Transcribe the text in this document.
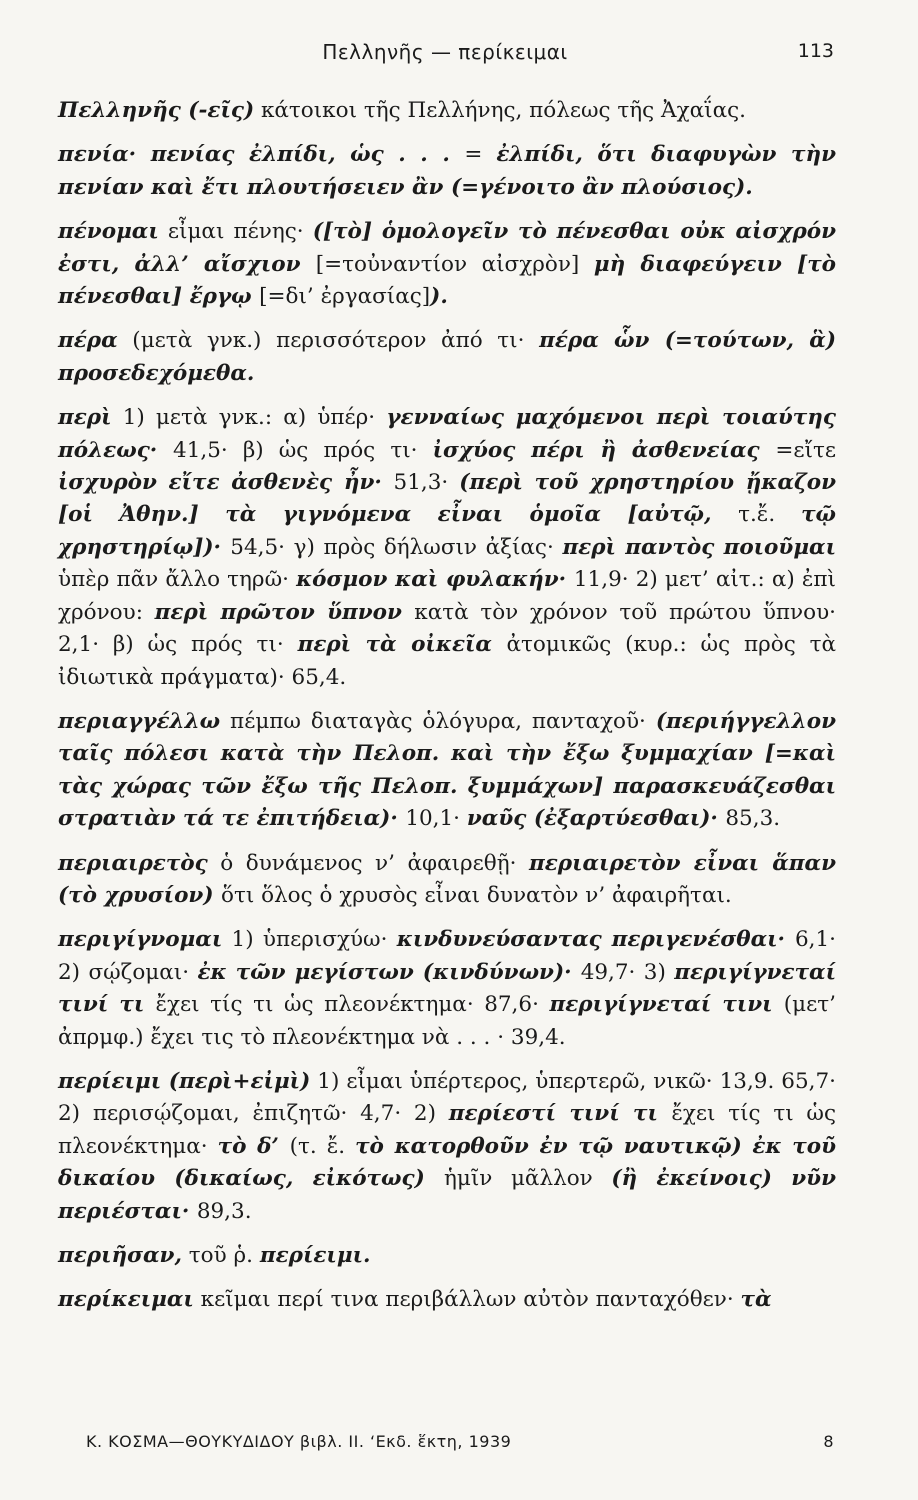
Πελληνῆς — περίκειμαι	113

Πελληνῆς (-εῖς) κάτοικοι τῆς Πελλήνης, πόλεως τῆς Ἀχαΐας.

πενία· πενίας ἐλπίδι, ὡς . . . = ἐλπίδι, ὅτι διαφυγὼν τὴν πενίαν καὶ ἔτι πλουτήσειεν ἂν (=γένοιτο ἂν πλούσιος).

πένομαι εἶμαι πένης· ([τὸ] ὁμολογεῖν τὸ πένεσθαι οὐκ αἰσχρόν ἐστι, ἀλλ’ αἴσχιον [=τοὐναντίον αἰσχρὸν] μὴ διαφεύγειν [τὸ πένεσθαι] ἔργῳ [=δι’ ἐργασίας]).

πέρα (μετὰ γνκ.) περισσότερον ἀπό τι· πέρα ὧν (=τούτων, ἃ) προσεδεχόμεθα.

περὶ 1) μετὰ γνκ.: α) ὑπέρ· γενναίως μαχόμενοι περὶ τοιαύτης πόλεως· 41,5· β) ὡς πρός τι· ἰσχύος πέρι ἢ ἀσθενείας =εἴτε ἰσχυρὸν εἴτε ἀσθενὲς ἦν· 51,3· (περὶ τοῦ χρηστηρίου ᾔκαζον [οἱ Ἀθην.] τὰ γιγνόμενα εἶναι ὁμοῖα [αὐτῷ, τ.ἔ. τῷ χρηστηρίῳ])· 54,5· γ) πρὸς δήλωσιν ἀξίας· περὶ παντὸς ποιοῦμαι ὑπὲρ πᾶν ἄλλο τηρῶ· κόσμον καὶ φυλακήν· 11,9· 2) μετ’ αἰτ.: α) ἐπὶ χρόνου: περὶ πρῶτον ὕπνον κατὰ τὸν χρόνον τοῦ πρώτου ὕπνου· 2,1· β) ὡς πρός τι· περὶ τὰ οἰκεῖα ἀτομικῶς (κυρ.: ὡς πρὸς τὰ ἰδιωτικὰ πράγματα)· 65,4.

περιαγγέλλω πέμπω διαταγὰς ὁλόγυρα, πανταχοῦ· (περιήγγελλον ταῖς πόλεσι κατὰ τὴν Πελοπ. καὶ τὴν ἔξω ξυμμαχίαν [=καὶ τὰς χώρας τῶν ἔξω τῆς Πελοπ. ξυμμάχων] παρασκευάζεσθαι στρατιὰν τά τε ἐπιτήδεια)· 10,1· ναῦς (ἐξαρτύεσθαι)· 85,3.

περιαιρετὸς ὁ δυνάμενος ν’ ἀφαιρεθῇ· περιαιρετὸν εἶναι ἅπαν (τὸ χρυσίον) ὅτι ὅλος ὁ χρυσὸς εἶναι δυνατὸν ν’ ἀφαιρῆται.

περιγίγνομαι 1) ὑπερισχύω· κινδυνεύσαντας περιγενέσθαι· 6,1· 2) σῴζομαι· ἐκ τῶν μεγίστων (κινδύνων)· 49,7· 3) περιγίγνεταί τινί τι ἔχει τίς τι ὡς πλεονέκτημα· 87,6· περιγίγνεταί τινι (μετ’ ἀπρμφ.) ἔχει τις τὸ πλεονέκτημα νὰ . . . · 39,4.

περίειμι (περὶ+εἰμὶ) 1) εἶμαι ὑπέρτερος, ὑπερτερῶ, νικῶ· 13,9. 65,7· 2) περισῴζομαι, ἐπιζητῶ· 4,7· 2) περίεστί τινί τι ἔχει τίς τι ὡς πλεονέκτημα· τὸ δ’ (τ. ἔ. τὸ κατορθοῦν ἐν τῷ ναυτικῷ) ἐκ τοῦ δικαίου (δικαίως, εἰκότως) ἡμῖν μᾶλλον (ἢ ἐκείνοις) νῦν περιέσται· 89,3.

περιῆσαν, τοῦ ῥ. περίειμι.

περίκειμαι κεῖμαι περί τινα περιβάλλων αὐτὸν πανταχόθεν· τὰ

Κ. ΚΟΣΜΑ—ΘΟΥΚΥΔΙΔΟΥ βιβλ. ΙΙ. ‘Εκδ. ἕκτη, 1939	8
